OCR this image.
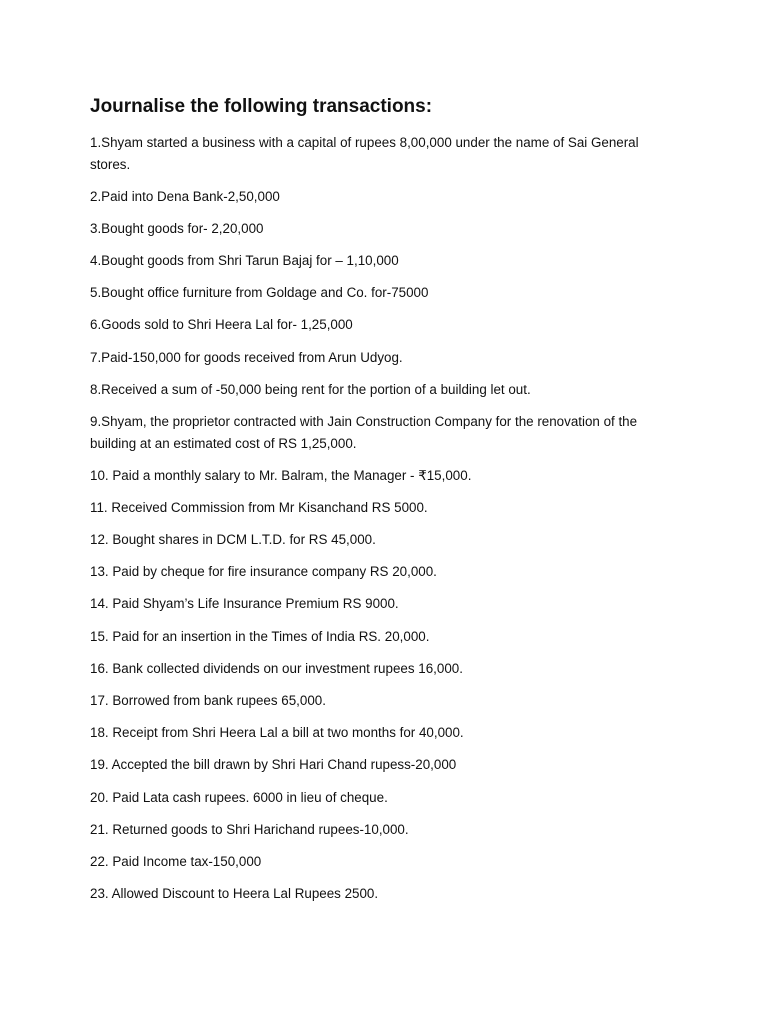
Journalise the following transactions:

1.Shyam started a business with a capital of rupees 8,00,000 under the name of Sai General stores.

2.Paid into Dena Bank-2,50,000

3.Bought goods for- 2,20,000

4.Bought goods from Shri Tarun Bajaj for – 1,10,000

5.Bought office furniture from Goldage and Co. for-75000

6.Goods sold to Shri Heera Lal for- 1,25,000

7.Paid-150,000 for goods received from Arun Udyog.

8.Received a sum of -50,000 being rent for the portion of a building let out.

9.Shyam, the proprietor contracted with Jain Construction Company for the renovation of the building at an estimated cost of RS 1,25,000.

10. Paid a monthly salary to Mr. Balram, the Manager - ₹15,000.

11. Received Commission from Mr Kisanchand RS 5000.

12. Bought shares in DCM L.T.D. for RS 45,000.

13. Paid by cheque for fire insurance company RS 20,000.

14. Paid Shyam’s Life Insurance Premium RS 9000.

15. Paid for an insertion in the Times of India RS. 20,000.

16. Bank collected dividends on our investment rupees 16,000.

17. Borrowed from bank rupees 65,000.

18. Receipt from Shri Heera Lal a bill at two months for 40,000.

19. Accepted the bill drawn by Shri Hari Chand rupess-20,000

20. Paid Lata cash rupees. 6000 in lieu of cheque.

21. Returned goods to Shri Harichand rupees-10,000.

22. Paid Income tax-150,000

23. Allowed Discount to Heera Lal Rupees 2500.
